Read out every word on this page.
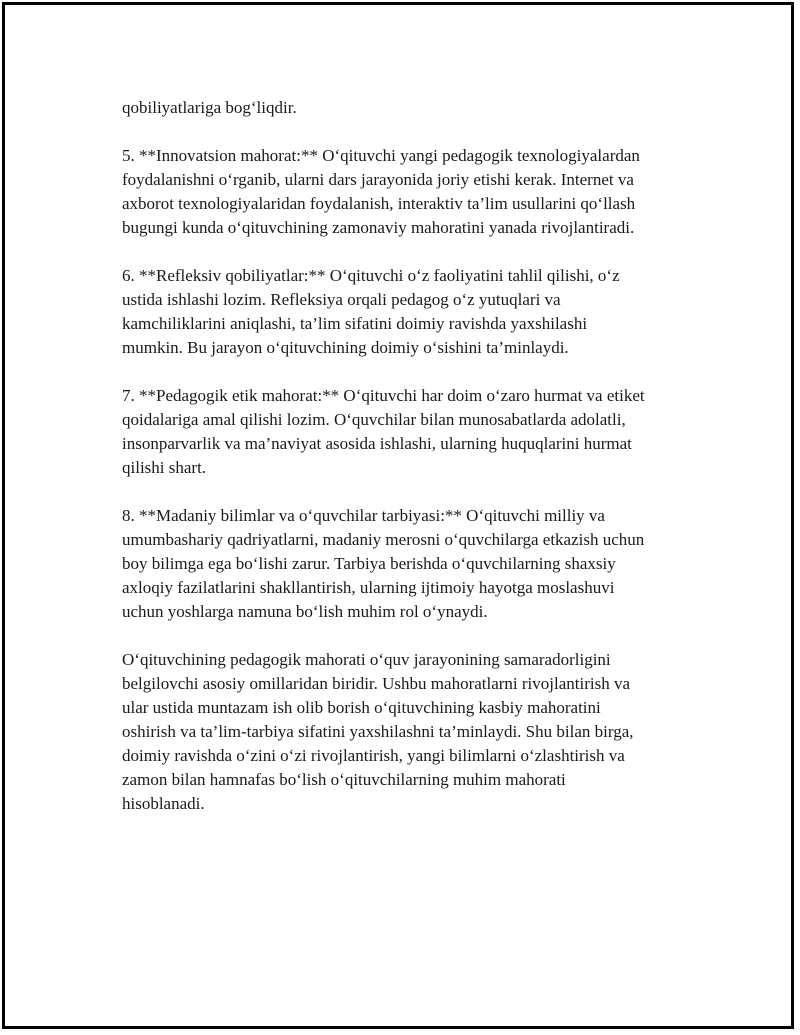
qobiliyatlariga bog‘liqdir.

5. **Innovatsion mahorat:** O‘qituvchi yangi pedagogik texnologiyalardan
foydalanishni o‘rganib, ularni dars jarayonida joriy etishi kerak. Internet va
axborot texnologiyalaridan foydalanish, interaktiv ta’lim usullarini qo‘llash
bugungi kunda o‘qituvchining zamonaviy mahoratini yanada rivojlantiradi.

6. **Refleksiv qobiliyatlar:** O‘qituvchi o‘z faoliyatini tahlil qilishi, o‘z
ustida ishlashi lozim. Refleksiya orqali pedagog o‘z yutuqlari va
kamchiliklarini aniqlashi, ta’lim sifatini doimiy ravishda yaxshilashi
mumkin. Bu jarayon o‘qituvchining doimiy o‘sishini ta’minlaydi.

7. **Pedagogik etik mahorat:** O‘qituvchi har doim o‘zaro hurmat va etiket
qoidalariga amal qilishi lozim. O‘quvchilar bilan munosabatlarda adolatli,
insonparvarlik va ma’naviyat asosida ishlashi, ularning huquqlarini hurmat
qilishi shart.

8. **Madaniy bilimlar va o‘quvchilar tarbiyasi:** O‘qituvchi milliy va
umumbashariy qadriyatlarni, madaniy merosni o‘quvchilarga etkazish uchun
boy bilimga ega bo‘lishi zarur. Tarbiya berishda o‘quvchilarning shaxsiy
axloqiy fazilatlarini shakllantirish, ularning ijtimoiy hayotga moslashuvi
uchun yoshlarga namuna bo‘lish muhim rol o‘ynaydi.

O‘qituvchining pedagogik mahorati o‘quv jarayonining samaradorligini
belgilovchi asosiy omillaridan biridir. Ushbu mahoratlarni rivojlantirish va
ular ustida muntazam ish olib borish o‘qituvchining kasbiy mahoratini
oshirish va ta’lim-tarbiya sifatini yaxshilashni ta’minlaydi. Shu bilan birga,
doimiy ravishda o‘zini o‘zi rivojlantirish, yangi bilimlarni o‘zlashtirish va
zamon bilan hamnafas bo‘lish o‘qituvchilarning muhim mahorati
hisoblanadi.
